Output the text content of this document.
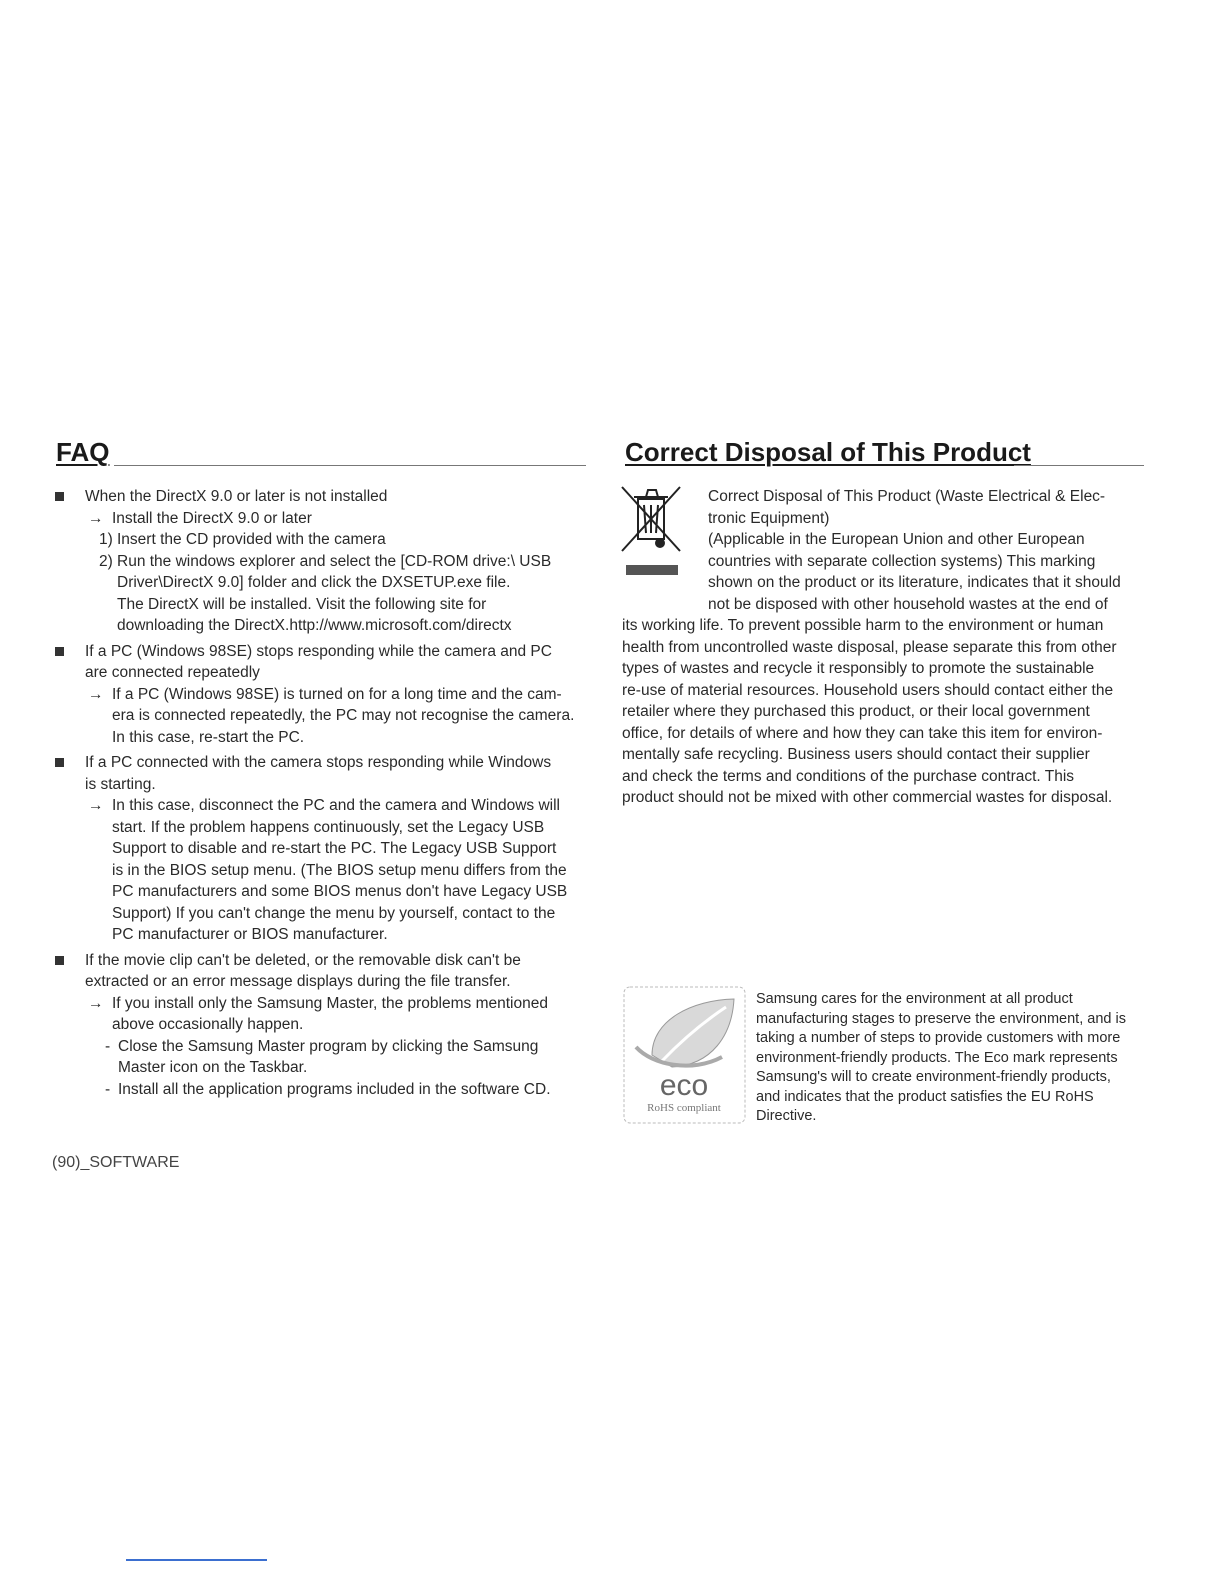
FAQ	Correct Disposal of This Product
When the DirectX 9.0 or later is not installed
→ Install the DirectX 9.0 or later
1) Insert the CD provided with the camera
2) Run the windows explorer and select the [CD-ROM drive:\ USB
Driver\DirectX 9.0] folder and click the DXSETUP.exe file.
The DirectX will be installed. Visit the following site for
downloading the DirectX.http://www.microsoft.com/directx
If a PC (Windows 98SE) stops responding while the camera and PC
are connected repeatedly
→ If a PC (Windows 98SE) is turned on for a long time and the cam-
era is connected repeatedly, the PC may not recognise the camera.
In this case, re-start the PC.
If a PC connected with the camera stops responding while Windows
is starting.
→ In this case, disconnect the PC and the camera and Windows will
start. If the problem happens continuously, set the Legacy USB
Support to disable and re-start the PC. The Legacy USB Support
is in the BIOS setup menu. (The BIOS setup menu differs from the
PC manufacturers and some BIOS menus don't have Legacy USB
Support) If you can't change the menu by yourself, contact to the
PC manufacturer or BIOS manufacturer.
If the movie clip can't be deleted, or the removable disk can't be
extracted or an error message displays during the file transfer.
→ If you install only the Samsung Master, the problems mentioned
above occasionally happen.
- Close the Samsung Master program by clicking the Samsung
Master icon on the Taskbar.
- Install all the application programs included in the software CD.
Correct Disposal of This Product (Waste Electrical & Elec-
tronic Equipment)
(Applicable in the European Union and other European
countries with separate collection systems) This marking
shown on the product or its literature, indicates that it should
not be disposed with other household wastes at the end of
its working life. To prevent possible harm to the environment or human
health from uncontrolled waste disposal, please separate this from other
types of wastes and recycle it responsibly to promote the sustainable
re-use of material resources. Household users should contact either the
retailer where they purchased this product, or their local government
office, for details of where and how they can take this item for environ-
mentally safe recycling. Business users should contact their supplier
and check the terms and conditions of the purchase contract. This
product should not be mixed with other commercial wastes for disposal.
eco
RoHS compliant
Samsung cares for the environment at all product
manufacturing stages to preserve the environment, and is
taking a number of steps to provide customers with more
environment-friendly products. The Eco mark represents
Samsung's will to create environment-friendly products,
and indicates that the product satisfies the EU RoHS
Directive.
(90)_SOFTWARE
